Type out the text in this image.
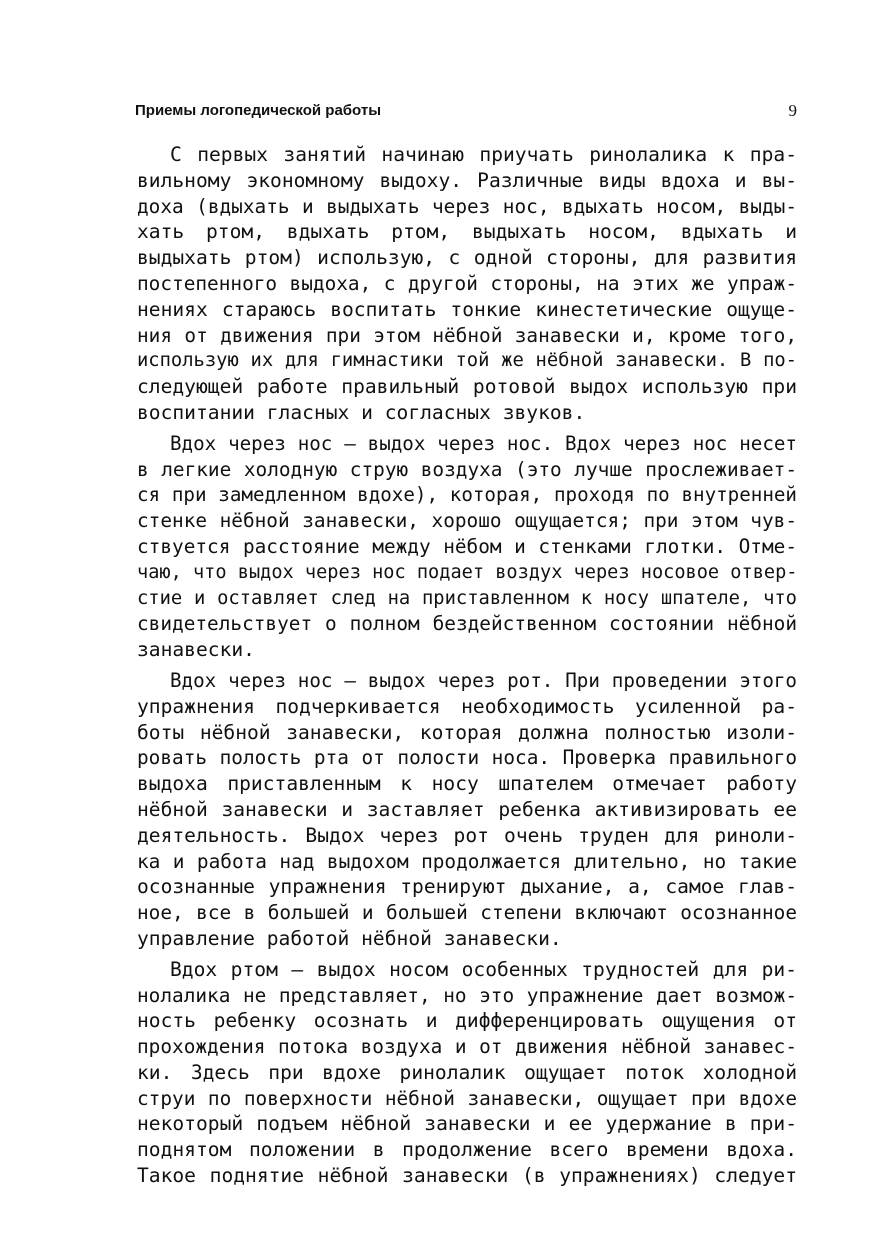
Приемы логопедической работы	9
С первых занятий начинаю приучать ринолалика к пра-
вильному экономному выдоху. Различные виды вдоха и вы-
доха (вдыхать и выдыхать через нос, вдыхать носом, выды-
хать ртом, вдыхать ртом, выдыхать носом, вдыхать и
выдыхать ртом) использую, с одной стороны, для развития
постепенного выдоха, с другой стороны, на этих же упраж-
нениях стараюсь воспитать тонкие кинестетические ощуще-
ния от движения при этом нёбной занавески и, кроме того,
использую их для гимнастики той же нёбной занавески. В по-
следующей работе правильный ротовой выдох использую при
воспитании гласных и согласных звуков.
Вдох через нос — выдох через нос. Вдох через нос несет
в легкие холодную струю воздуха (это лучше прослеживает-
ся при замедленном вдохе), которая, проходя по внутренней
стенке нёбной занавески, хорошо ощущается; при этом чув-
ствуется расстояние между нёбом и стенками глотки. Отме-
чаю, что выдох через нос подает воздух через носовое отвер-
стие и оставляет след на приставленном к носу шпателе, что
свидетельствует о полном бездейственном состоянии нёбной
занавески.
Вдох через нос — выдох через рот. При проведении этого
упражнения подчеркивается необходимость усиленной ра-
боты нёбной занавески, которая должна полностью изоли-
ровать полость рта от полости носа. Проверка правильного
выдоха приставленным к носу шпателем отмечает работу
нёбной занавески и заставляет ребенка активизировать ее
деятельность. Выдох через рот очень труден для риноли-
ка и работа над выдохом продолжается длительно, но такие
осознанные упражнения тренируют дыхание, а, самое глав-
ное, все в большей и большей степени включают осознанное
управление работой нёбной занавески.
Вдох ртом — выдох носом особенных трудностей для ри-
нолалика не представляет, но это упражнение дает возмож-
ность ребенку осознать и дифференцировать ощущения от
прохождения потока воздуха и от движения нёбной занавес-
ки. Здесь при вдохе ринолалик ощущает поток холодной
струи по поверхности нёбной занавески, ощущает при вдохе
некоторый подъем нёбной занавески и ее удержание в при-
поднятом положении в продолжение всего времени вдоха.
Такое поднятие нёбной занавески (в упражнениях) следует
